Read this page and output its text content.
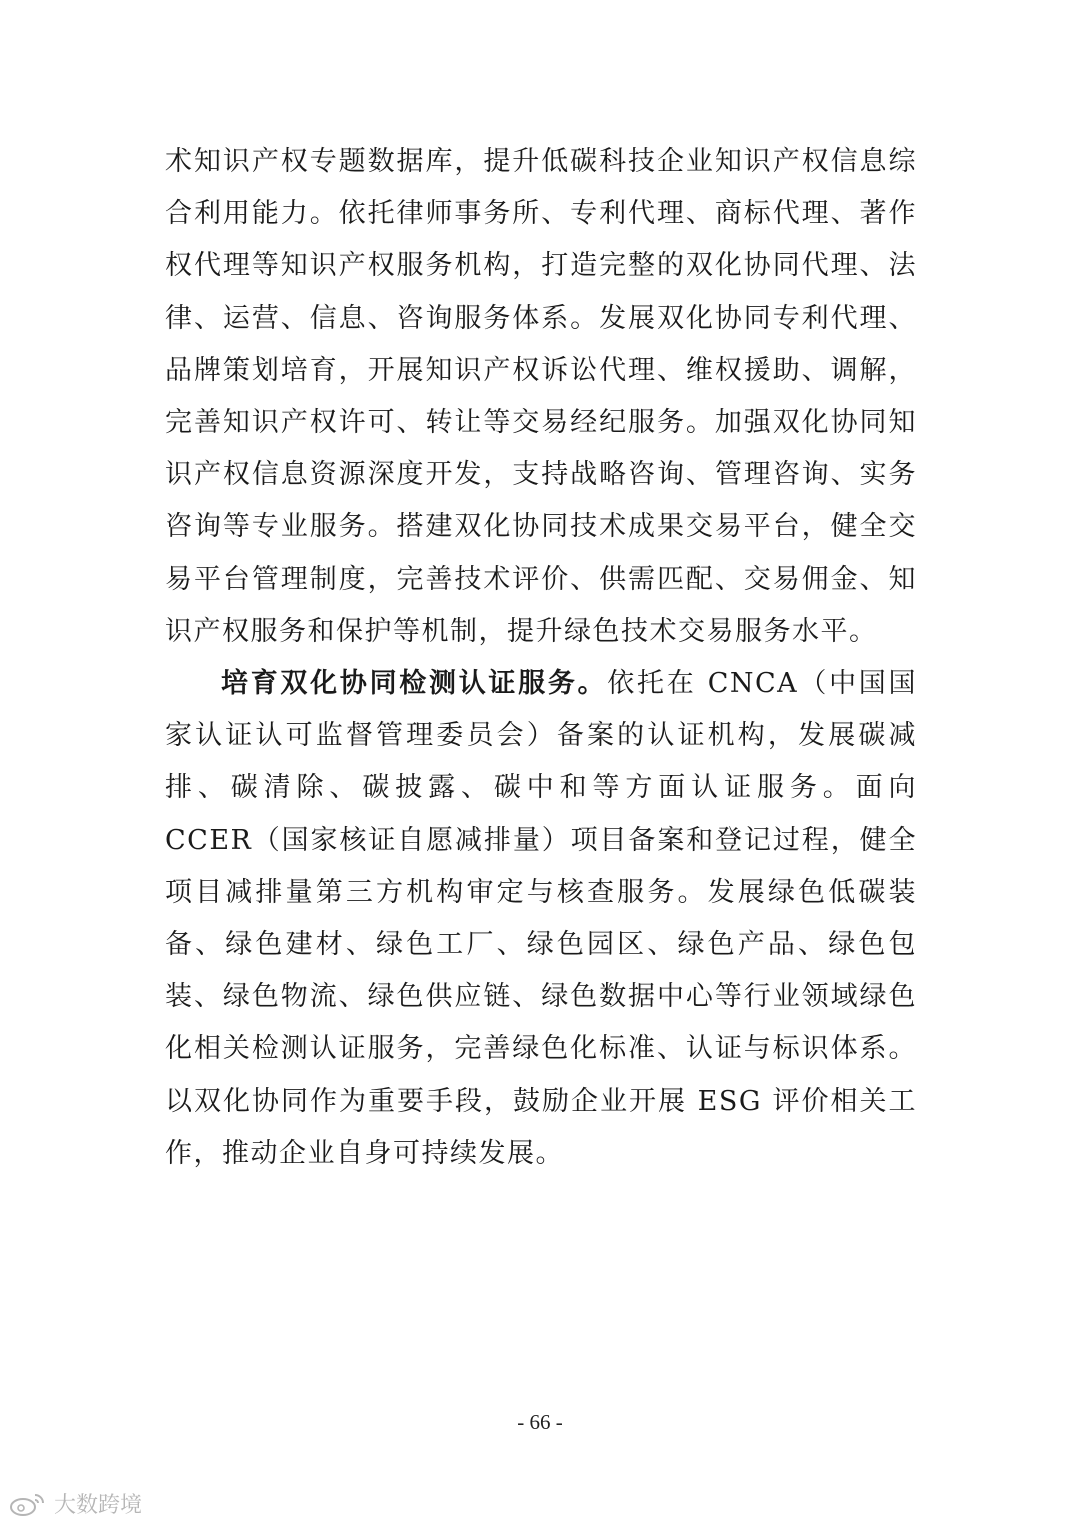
术知识产权专题数据库，提升低碳科技企业知识产权信息综合利用能力。依托律师事务所、专利代理、商标代理、著作权代理等知识产权服务机构，打造完整的双化协同代理、法律、运营、信息、咨询服务体系。发展双化协同专利代理、品牌策划培育，开展知识产权诉讼代理、维权援助、调解，完善知识产权许可、转让等交易经纪服务。加强双化协同知识产权信息资源深度开发，支持战略咨询、管理咨询、实务咨询等专业服务。搭建双化协同技术成果交易平台，健全交易平台管理制度，完善技术评价、供需匹配、交易佣金、知识产权服务和保护等机制，提升绿色技术交易服务水平。

培育双化协同检测认证服务。依托在 CNCA（中国国家认证认可监督管理委员会）备案的认证机构，发展碳减排、碳清除、碳披露、碳中和等方面认证服务。面向 CCER（国家核证自愿减排量）项目备案和登记过程，健全项目减排量第三方机构审定与核查服务。发展绿色低碳装备、绿色建材、绿色工厂、绿色园区、绿色产品、绿色包装、绿色物流、绿色供应链、绿色数据中心等行业领域绿色化相关检测认证服务，完善绿色化标准、认证与标识体系。以双化协同作为重要手段，鼓励企业开展 ESG 评价相关工作，推动企业自身可持续发展。

- 66 -
大数跨境
